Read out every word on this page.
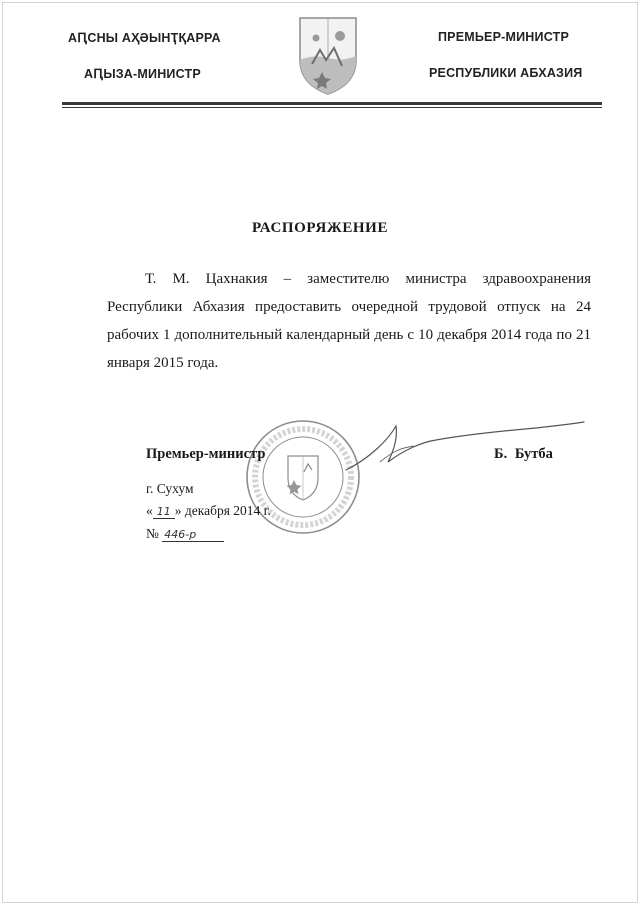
АԤСНЫ АҲӘЫНҬҚАРРА
АԤЫЗА-МИНИСТР
ПРЕМЬЕР-МИНИСТР
РЕСПУБЛИКИ АБХАЗИЯ
РАСПОРЯЖЕНИЕ

Т. М. Цахнакия – заместителю министра здравоохранения Республики Абхазия предоставить очередной трудовой отпуск на 24 рабочих 1 дополнительный календарный день с 10 декабря 2014 года по 21 января 2015 года.

Премьер-министр	Б. Бутба
г. Сухум
« 11 » декабря 2014 г.
№ 446-р
